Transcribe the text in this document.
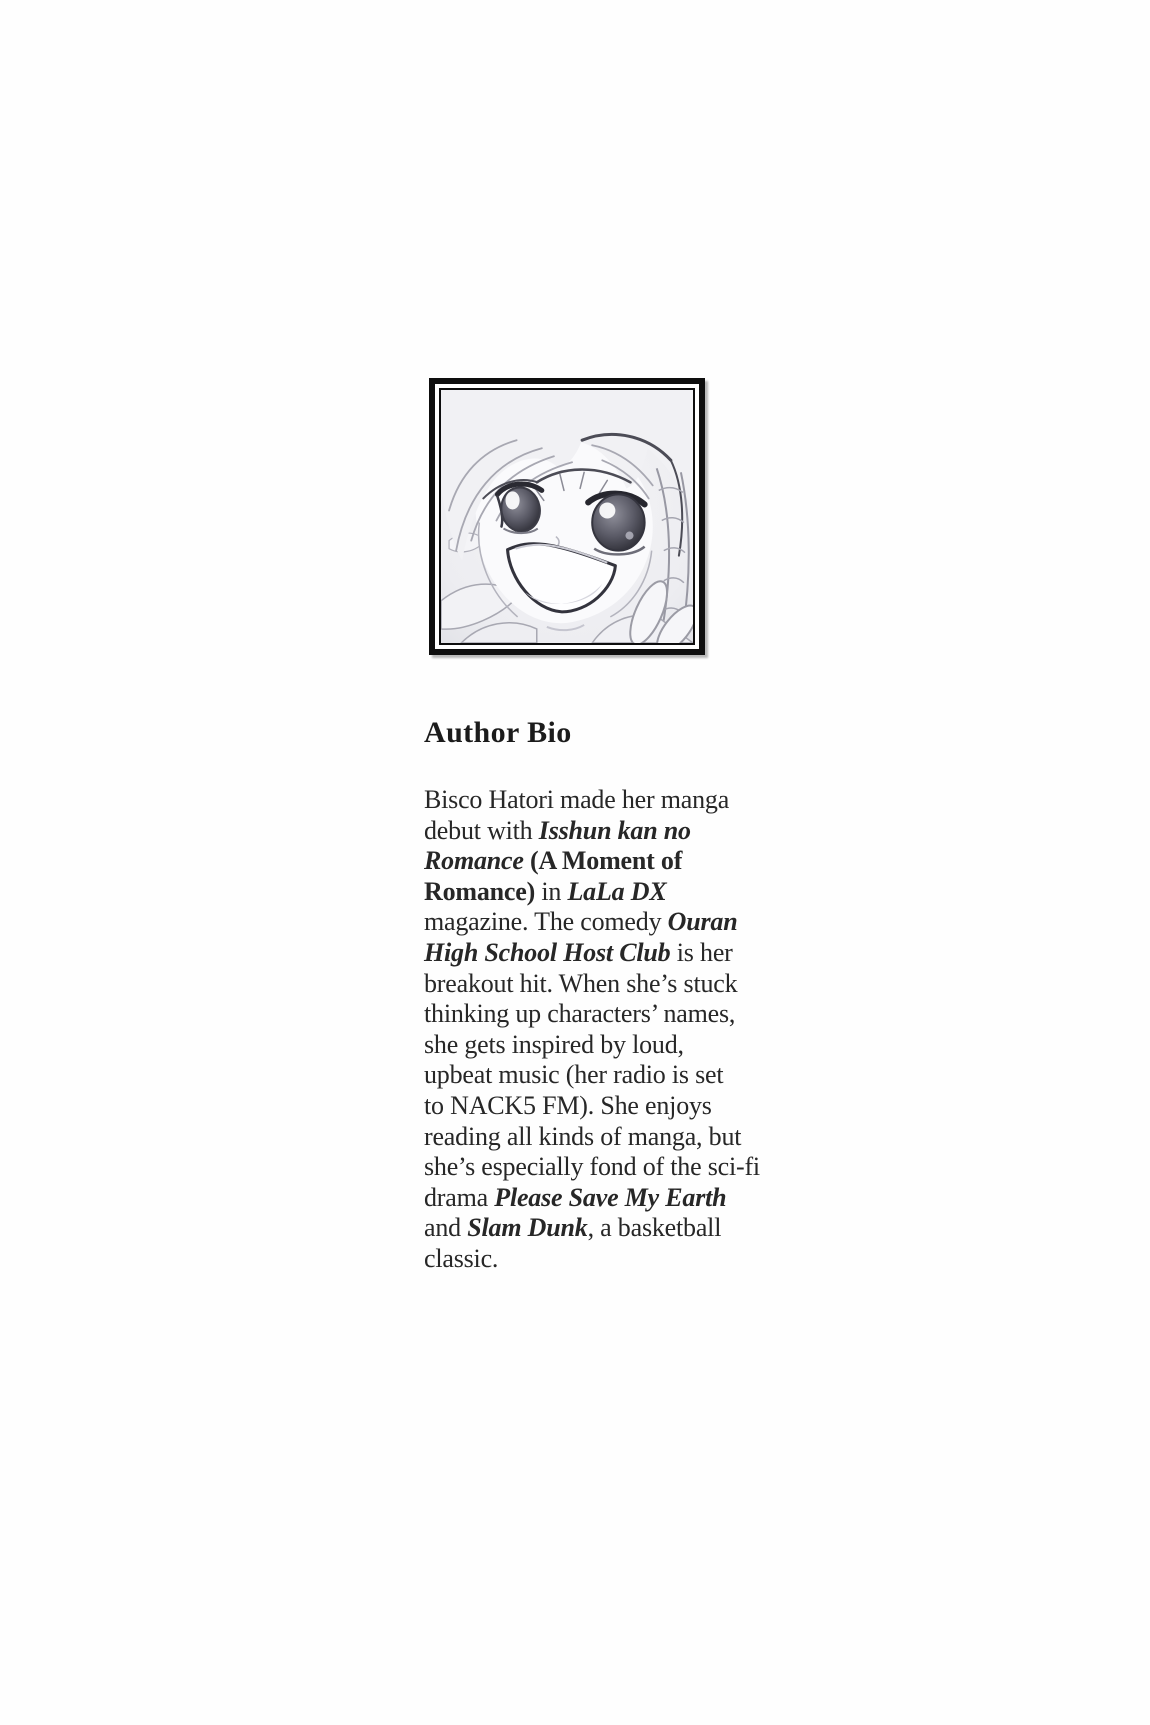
Author Bio
Bisco Hatori made her manga
debut with Isshun kan no
Romance (A Moment of
Romance) in LaLa DX
magazine. The comedy Ouran
High School Host Club is her
breakout hit. When she’s stuck
thinking up characters’ names,
she gets inspired by loud,
upbeat music (her radio is set
to NACK5 FM). She enjoys
reading all kinds of manga, but
she’s especially fond of the sci-fi
drama Please Save My Earth
and Slam Dunk, a basketball
classic.
